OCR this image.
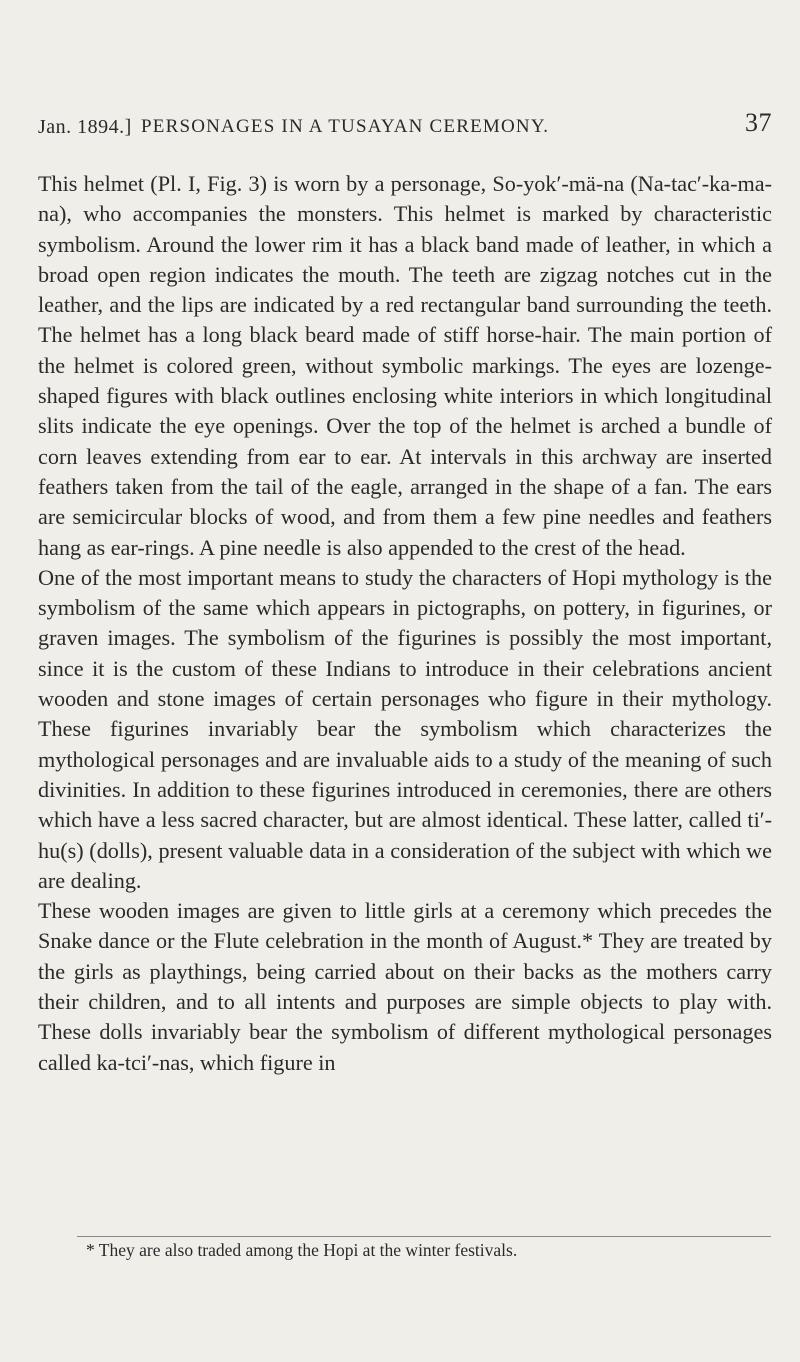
Jan. 1894.] PERSONAGES IN A TUSAYAN CEREMONY.	37

This helmet (Pl. I, Fig. 3) is worn by a personage, So-yok′-mä-na (Na-tac′-ka-ma-na), who accompanies the monsters. This helmet is marked by characteristic symbolism. Around the lower rim it has a black band made of leather, in which a broad open region indicates the mouth. The teeth are zigzag notches cut in the leather, and the lips are indicated by a red rectangular band surrounding the teeth. The helmet has a long black beard made of stiff horse-hair. The main portion of the helmet is colored green, without symbolic markings. The eyes are lozenge-shaped figures with black outlines enclosing white interiors in which longitudinal slits indicate the eye openings. Over the top of the helmet is arched a bundle of corn leaves extending from ear to ear. At intervals in this archway are inserted feathers taken from the tail of the eagle, arranged in the shape of a fan. The ears are semicircular blocks of wood, and from them a few pine needles and feathers hang as ear-rings. A pine needle is also appended to the crest of the head.

One of the most important means to study the characters of Hopi mythology is the symbolism of the same which appears in pictographs, on pottery, in figurines, or graven images. The symbolism of the figurines is possibly the most important, since it is the custom of these Indians to introduce in their celebrations ancient wooden and stone images of certain personages who figure in their mythology. These figurines invariably bear the symbolism which characterizes the mythological personages and are invaluable aids to a study of the meaning of such divinities. In addition to these figurines introduced in ceremonies, there are others which have a less sacred character, but are almost identical. These latter, called ti′-hu(s) (dolls), present valuable data in a consideration of the subject with which we are dealing.

These wooden images are given to little girls at a ceremony which precedes the Snake dance or the Flute celebration in the month of August.* They are treated by the girls as playthings, being carried about on their backs as the mothers carry their children, and to all intents and purposes are simple objects to play with. These dolls invariably bear the symbolism of different mythological personages called ka-tci′-nas, which figure in

* They are also traded among the Hopi at the winter festivals.
